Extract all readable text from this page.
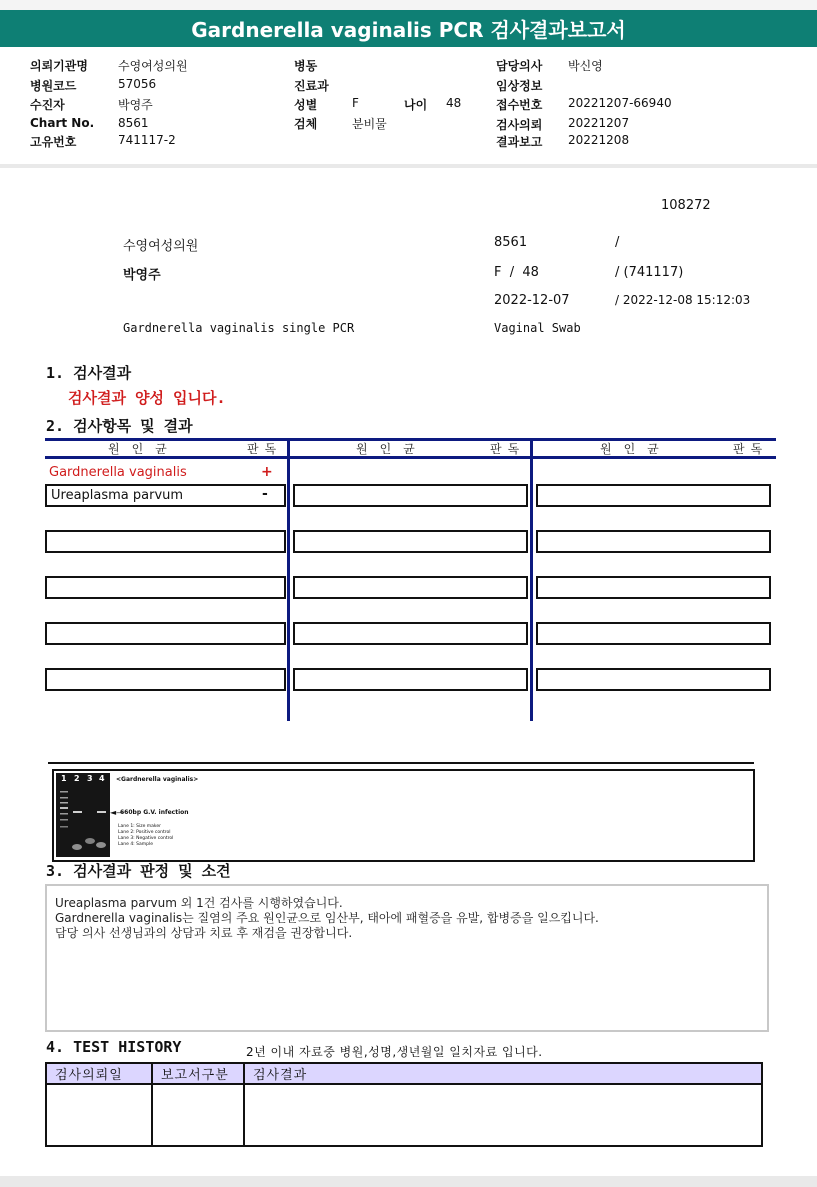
Gardnerella vaginalis PCR 검사결과보고서
의뢰기관명	수영여성의원
병원코드	57056
수진자	박영주
Chart No. 8561
고유번호	741117-2
병동
진료과
성별	F	나이 48
검체	분비물
담당의사 박신영
임상정보
접수번호 20221207-66940
검사의뢰 20221207
결과보고 20221208
108272
수영여성의원	8561	/
박영주	F  /  48	/ (741117)
2022-12-07	/ 2022-12-08 15:12:03
Gardnerella vaginalis single PCR	Vaginal Swab
1. 검사결과
검사결과 양성 입니다.
2. 검사항목 및 결과
원인균	판독	원인균	판독	원인균	판독
Gardnerella vaginalis	+
Ureaplasma parvum	-
1 2 3 4 <Gardnerella vaginalis>
◄—
660bp G.V. infection
Lane 1: Size maker
Lane 2: Positive control
Lane 3: Negative control
Lane 4: Sample
3. 검사결과 판정 및 소견
Ureaplasma parvum 외 1건 검사를 시행하였습니다.
Gardnerella vaginalis는 질염의 주요 원인균으로 임산부, 태아에 패혈증을 유발, 합병증을 일으킵니다.
담당 의사 선생님과의 상담과 치료 후 재검을 권장합니다.
4. TEST HISTORY	2년 이내 자료중 병원,성명,생년월일 일치자료 입니다.
검사의뢰일	보고서구분	검사결과
